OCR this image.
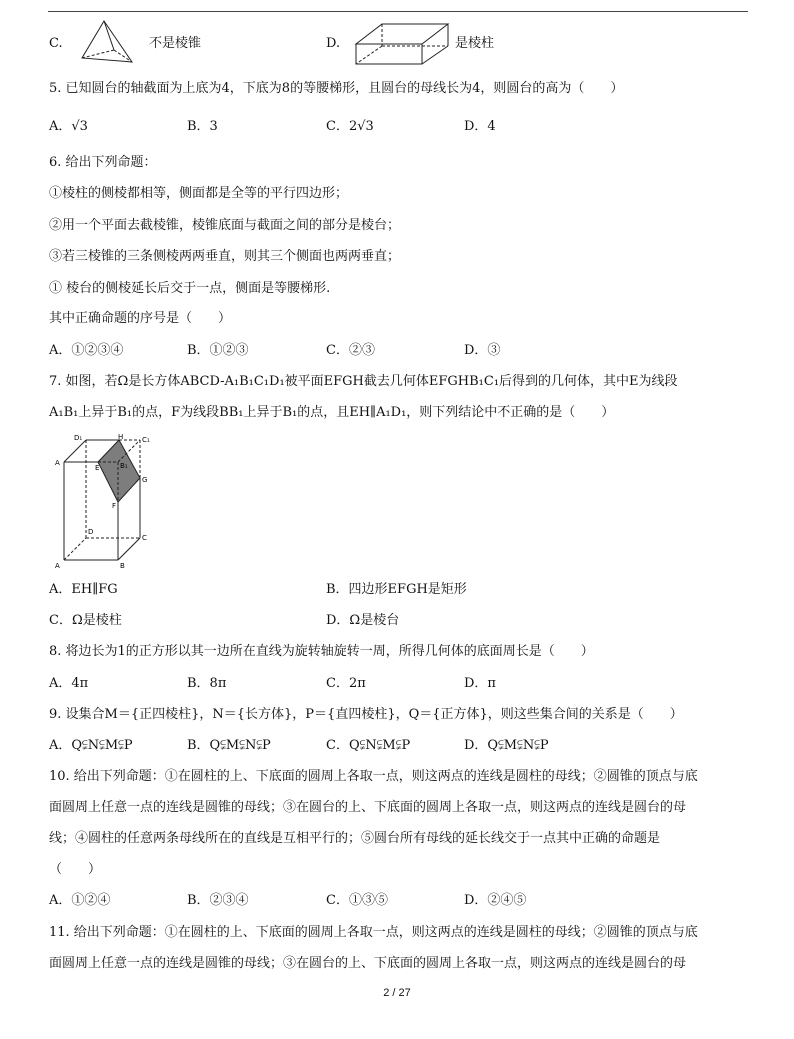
C.	不是棱锥	D.	是棱柱
5. 已知圆台的轴截面为上底为4，下底为8的等腰梯形，且圆台的母线长为4，则圆台的高为（　　）
A．√3	B．3	C．2√3	D．4
6. 给出下列命题：
①棱柱的侧棱都相等，侧面都是全等的平行四边形；
②用一个平面去截棱锥，棱锥底面与截面之间的部分是棱台；
③若三棱锥的三条侧棱两两垂直，则其三个侧面也两两垂直；
① 棱台的侧棱延长后交于一点，侧面是等腰梯形.
其中正确命题的序号是（　　）
A．①②③④	B．①②③	C．②③	D．③
7. 如图，若Ω是长方体ABCD-A₁B₁C₁D₁被平面EFGH截去几何体EFGHB₁C₁后得到的几何体，其中E为线段
A₁B₁上异于B₁的点，F为线段BB₁上异于B₁的点，且EH∥A₁D₁，则下列结论中不正确的是（　　）
D₁	H	C₁
A
E	B₁
G
F
D
C
A	B
A．EH∥FG	B．四边形EFGH是矩形
C．Ω是棱柱	D．Ω是棱台
8. 将边长为1的正方形以其一边所在直线为旋转轴旋转一周，所得几何体的底面周长是（　　）
A．4π	B．8π	C．2π	D．π
9. 设集合M＝{正四棱柱}，N＝{长方体}，P＝{直四棱柱}，Q＝{正方体}，则这些集合间的关系是（　　）
A．Q⫋N⫋M⫋P	B．Q⫋M⫋N⫋P	C．Q⫋N⫋M⫋P	D．Q⫋M⫋N⫋P
10. 给出下列命题：①在圆柱的上、下底面的圆周上各取一点，则这两点的连线是圆柱的母线；②圆锥的顶点与底
面圆周上任意一点的连线是圆锥的母线；③在圆台的上、下底面的圆周上各取一点，则这两点的连线是圆台的母
线；④圆柱的任意两条母线所在的直线是互相平行的；⑤圆台所有母线的延长线交于一点其中正确的命题是
（　　）
A．①②④	B．②③④	C．①③⑤	D．②④⑤
11. 给出下列命题：①在圆柱的上、下底面的圆周上各取一点，则这两点的连线是圆柱的母线；②圆锥的顶点与底
面圆周上任意一点的连线是圆锥的母线；③在圆台的上、下底面的圆周上各取一点，则这两点的连线是圆台的母
2 / 27
